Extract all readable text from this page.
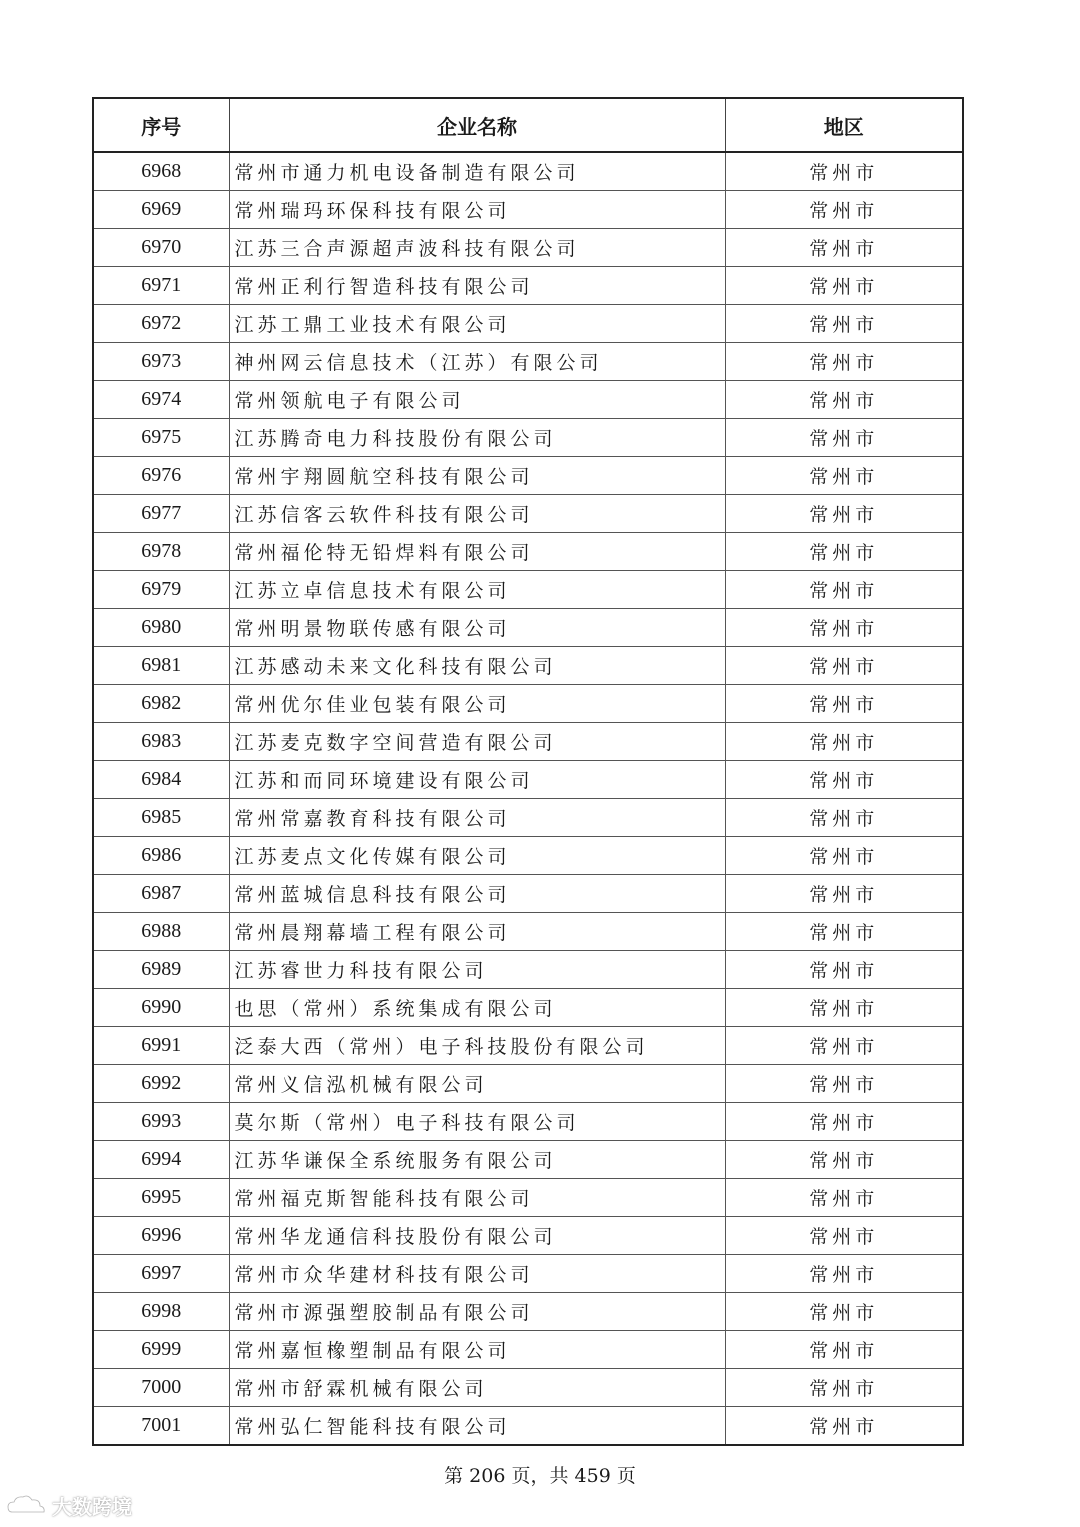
序号	企业名称	地区
6968	常州市通力机电设备制造有限公司	常州市
6969	常州瑞玛环保科技有限公司	常州市
6970	江苏三合声源超声波科技有限公司	常州市
6971	常州正利行智造科技有限公司	常州市
6972	江苏工鼎工业技术有限公司	常州市
6973	神州网云信息技术（江苏）有限公司	常州市
6974	常州领航电子有限公司	常州市
6975	江苏腾奇电力科技股份有限公司	常州市
6976	常州宇翔圆航空科技有限公司	常州市
6977	江苏信客云软件科技有限公司	常州市
6978	常州福伦特无铅焊料有限公司	常州市
6979	江苏立卓信息技术有限公司	常州市
6980	常州明景物联传感有限公司	常州市
6981	江苏感动未来文化科技有限公司	常州市
6982	常州优尔佳业包装有限公司	常州市
6983	江苏麦克数字空间营造有限公司	常州市
6984	江苏和而同环境建设有限公司	常州市
6985	常州常嘉教育科技有限公司	常州市
6986	江苏麦点文化传媒有限公司	常州市
6987	常州蓝城信息科技有限公司	常州市
6988	常州晨翔幕墙工程有限公司	常州市
6989	江苏睿世力科技有限公司	常州市
6990	也思（常州）系统集成有限公司	常州市
6991	泛泰大西（常州）电子科技股份有限公司	常州市
6992	常州义信泓机械有限公司	常州市
6993	莫尔斯（常州）电子科技有限公司	常州市
6994	江苏华谦保全系统服务有限公司	常州市
6995	常州福克斯智能科技有限公司	常州市
6996	常州华龙通信科技股份有限公司	常州市
6997	常州市众华建材科技有限公司	常州市
6998	常州市源强塑胶制品有限公司	常州市
6999	常州嘉恒橡塑制品有限公司	常州市
7000	常州市舒霖机械有限公司	常州市
7001	常州弘仁智能科技有限公司	常州市
第 206 页，共 459 页
大数跨境
